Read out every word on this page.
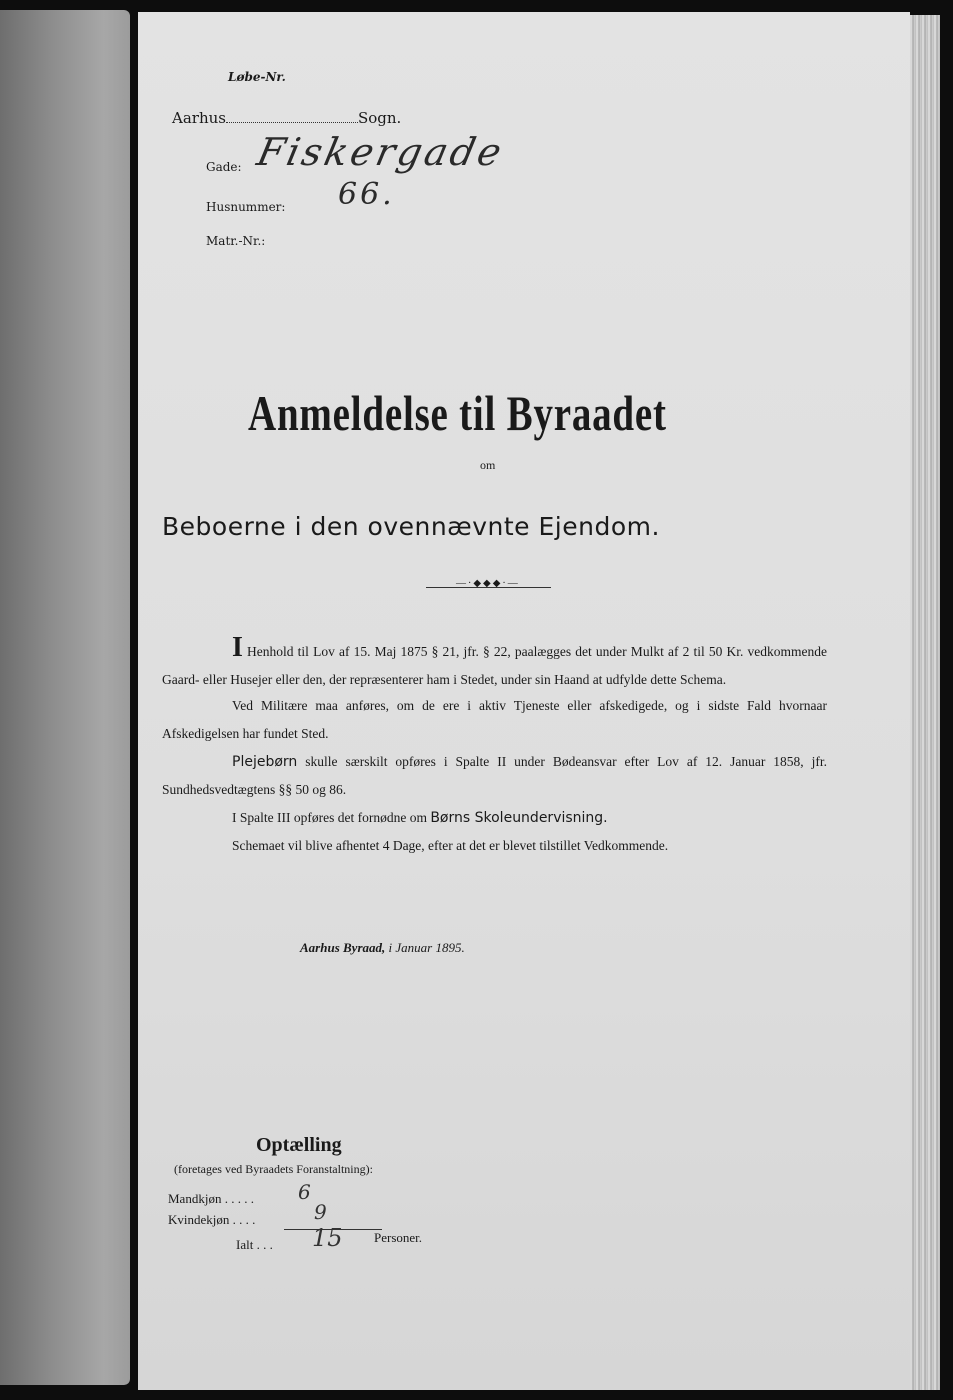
Løbe-Nr.
Aarhus	Sogn.
Gade: Fiskergade
Husnummer: 66.
Matr.-Nr.:
Anmeldelse til Byraadet
om
Beboerne i den ovennævnte Ejendom.
—·◆◆◆·—
I Henhold til Lov af 15. Maj 1875 § 21, jfr. § 22, paalægges det under Mulkt af 2 til 50 Kr. vedkommende Gaard- eller Husejer eller den, der repræsenterer ham i Stedet, under sin Haand at udfylde dette Schema.
Ved Militære maa anføres, om de ere i aktiv Tjeneste eller afskedigede, og i sidste Fald hvornaar Afskedigelsen har fundet Sted.
Plejebørn skulle særskilt opføres i Spalte II under Bødeansvar efter Lov af 12. Januar 1858, jfr. Sundhedsvedtægtens §§ 50 og 86.
I Spalte III opføres det fornødne om Børns Skoleundervisning.
Schemaet vil blive afhentet 4 Dage, efter at det er blevet tilstillet Vedkommende.
Aarhus Byraad, i Januar 1895.
Optælling
(foretages ved Byraadets Foranstaltning):
Mandkjøn . . . . . 6
Kvindekjøn . . . .	9
Ialt . . . 15 Personer.
